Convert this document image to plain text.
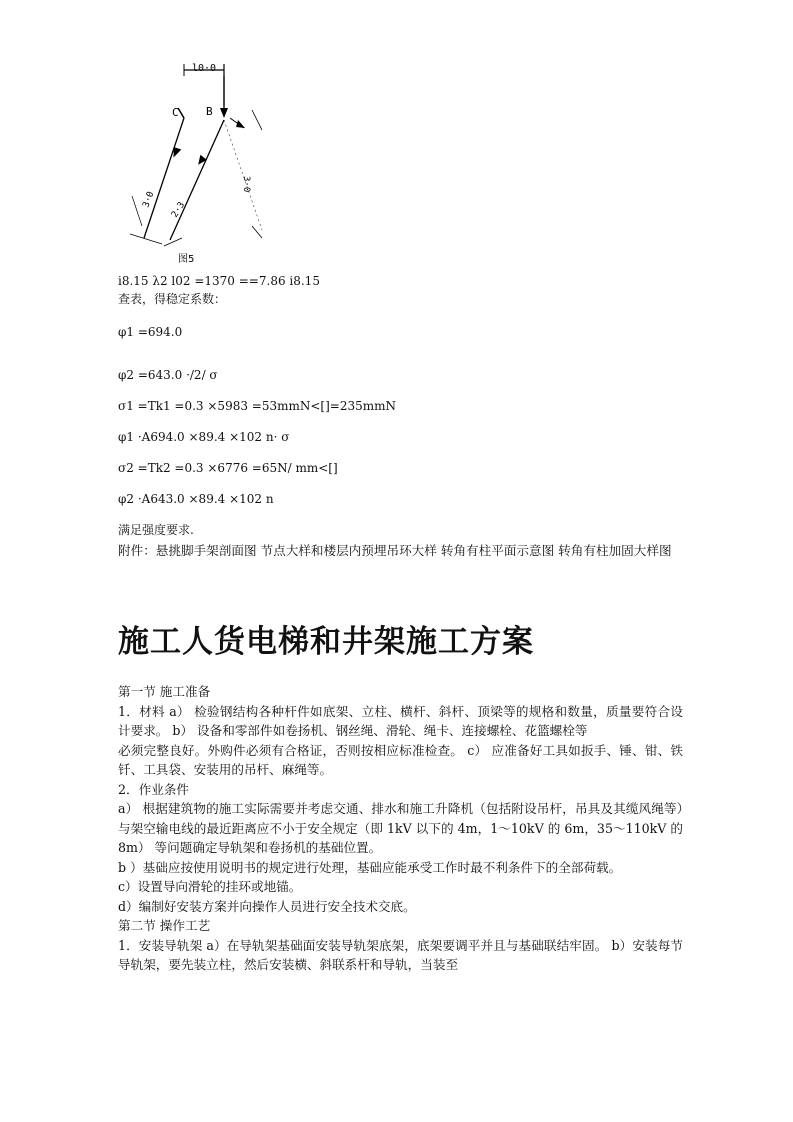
l0·0
C B
3·0
3·0
2·3
图5
i8.15 λ2 l02 =1370 ==7.86 i8.15
查表，得稳定系数：
φ1 =694.0
φ2 =643.0 ·/2/ σ
σ1 =Tk1 =0.3 ×5983 =53mmN<[]=235mmN
φ1 ·A694.0 ×89.4 ×102 n· σ
σ2 =Tk2 =0.3 ×6776 =65N/ mm<[]
φ2 ·A643.0 ×89.4 ×102 n
满足强度要求.
附件：悬挑脚手架剖面图 节点大样和楼层内预埋吊环大样 转角有柱平面示意图 转角有柱加固大样图
施工人货电梯和井架施工方案

第一节 施工准备

1．材料 a） 检验钢结构各种杆件如底架、立柱、横杆、斜杆、顶梁等的规格和数量，质量要符合设计要求。 b） 设备和零部件如卷扬机、钢丝绳、滑轮、绳卡、连接螺栓、花篮螺栓等

必须完整良好。外购件必须有合格证，否则按相应标准检查。 c） 应准备好工具如扳手、锤、钳、铁钎、工具袋、安装用的吊杆、麻绳等。

2．作业条件

a） 根据建筑物的施工实际需要并考虑交通、排水和施工升降机（包括附设吊杆，吊具及其缆风绳等）与架空输电线的最近距离应不小于安全规定（即 1kV 以下的 4m，1～10kV 的 6m，35～110kV 的 8m） 等问题确定导轨架和卷扬机的基础位置。

b ）基础应按使用说明书的规定进行处理，基础应能承受工作时最不利条件下的全部荷载。

c）设置导向滑轮的挂环或地锚。

d）编制好安装方案并向操作人员进行安全技术交底。

第二节 操作工艺

1．安装导轨架 a）在导轨架基础面安装导轨架底架，底架要调平并且与基础联结牢固。 b）安装每节导轨架，要先装立柱，然后安装横、斜联系杆和导轨，当装至
